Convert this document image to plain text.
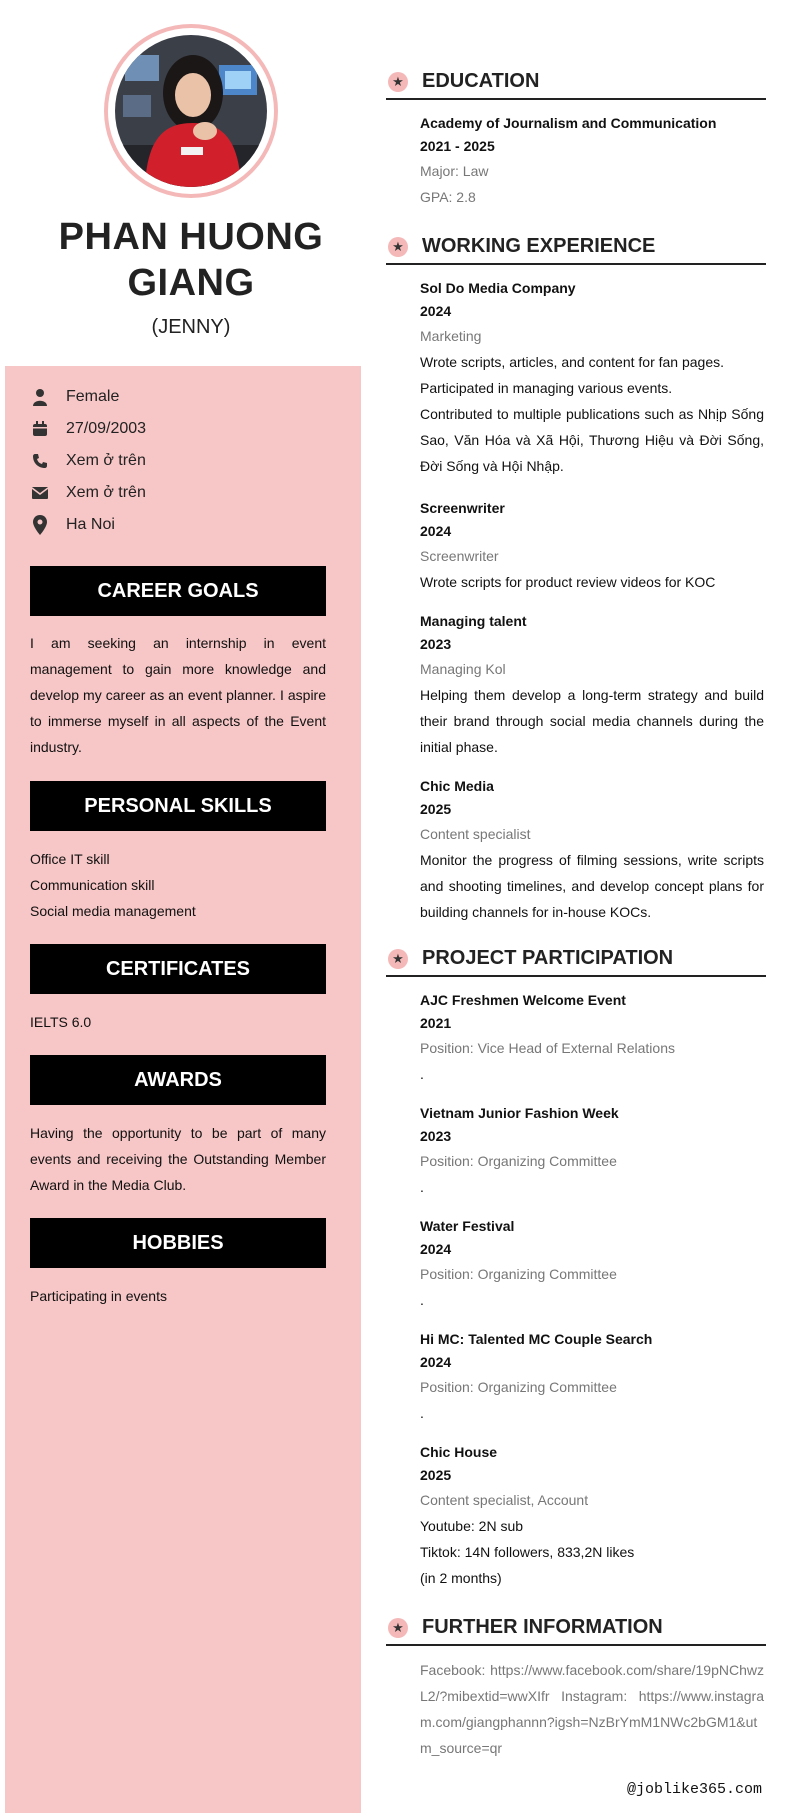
PHAN HUONG
GIANG
(JENNY)
Female
27/09/2003
Xem ở trên
Xem ở trên
Ha Noi
CAREER GOALS
I am seeking an internship in event management to gain more knowledge and develop my career as an event planner. I aspire to immerse myself in all aspects of the Event industry.
PERSONAL SKILLS
Office IT skill
Communication skill
Social media management
CERTIFICATES
IELTS 6.0
AWARDS
Having the opportunity to be part of many events and receiving the Outstanding Member Award in the Media Club.
HOBBIES
Participating in events
★ EDUCATION
Academy of Journalism and Communication
2021 - 2025
Major: Law
GPA: 2.8
★ WORKING EXPERIENCE
Sol Do Media Company
2024
Marketing
Wrote scripts, articles, and content for fan pages.
Participated in managing various events.
Contributed to multiple publications such as Nhịp Sống Sao, Văn Hóa và Xã Hội, Thương Hiệu và Đời Sống, Đời Sống và Hội Nhập.
Screenwriter
2024
Screenwriter
Wrote scripts for product review videos for KOC
Managing talent
2023
Managing Kol
Helping them develop a long-term strategy and build their brand through social media channels during the initial phase.
Chic Media
2025
Content specialist
Monitor the progress of filming sessions, write scripts and shooting timelines, and develop concept plans for building channels for in-house KOCs.
★ PROJECT PARTICIPATION
AJC Freshmen Welcome Event
2021
Position: Vice Head of External Relations
.
Vietnam Junior Fashion Week
2023
Position: Organizing Committee
.
Water Festival
2024
Position: Organizing Committee
.
Hi MC: Talented MC Couple Search
2024
Position: Organizing Committee
.
Chic House
2025
Content specialist, Account
Youtube: 2N sub
Tiktok: 14N followers, 833,2N likes
(in 2 months)
★ FURTHER INFORMATION
Facebook: https://www.facebook.com/share/19pNChwzL2/?mibextid=wwXIfr Instagram: https://www.instagram.com/giangphannn?igsh=NzBrYmM1NWc2bGM1&utm_source=qr
@joblike365.com
